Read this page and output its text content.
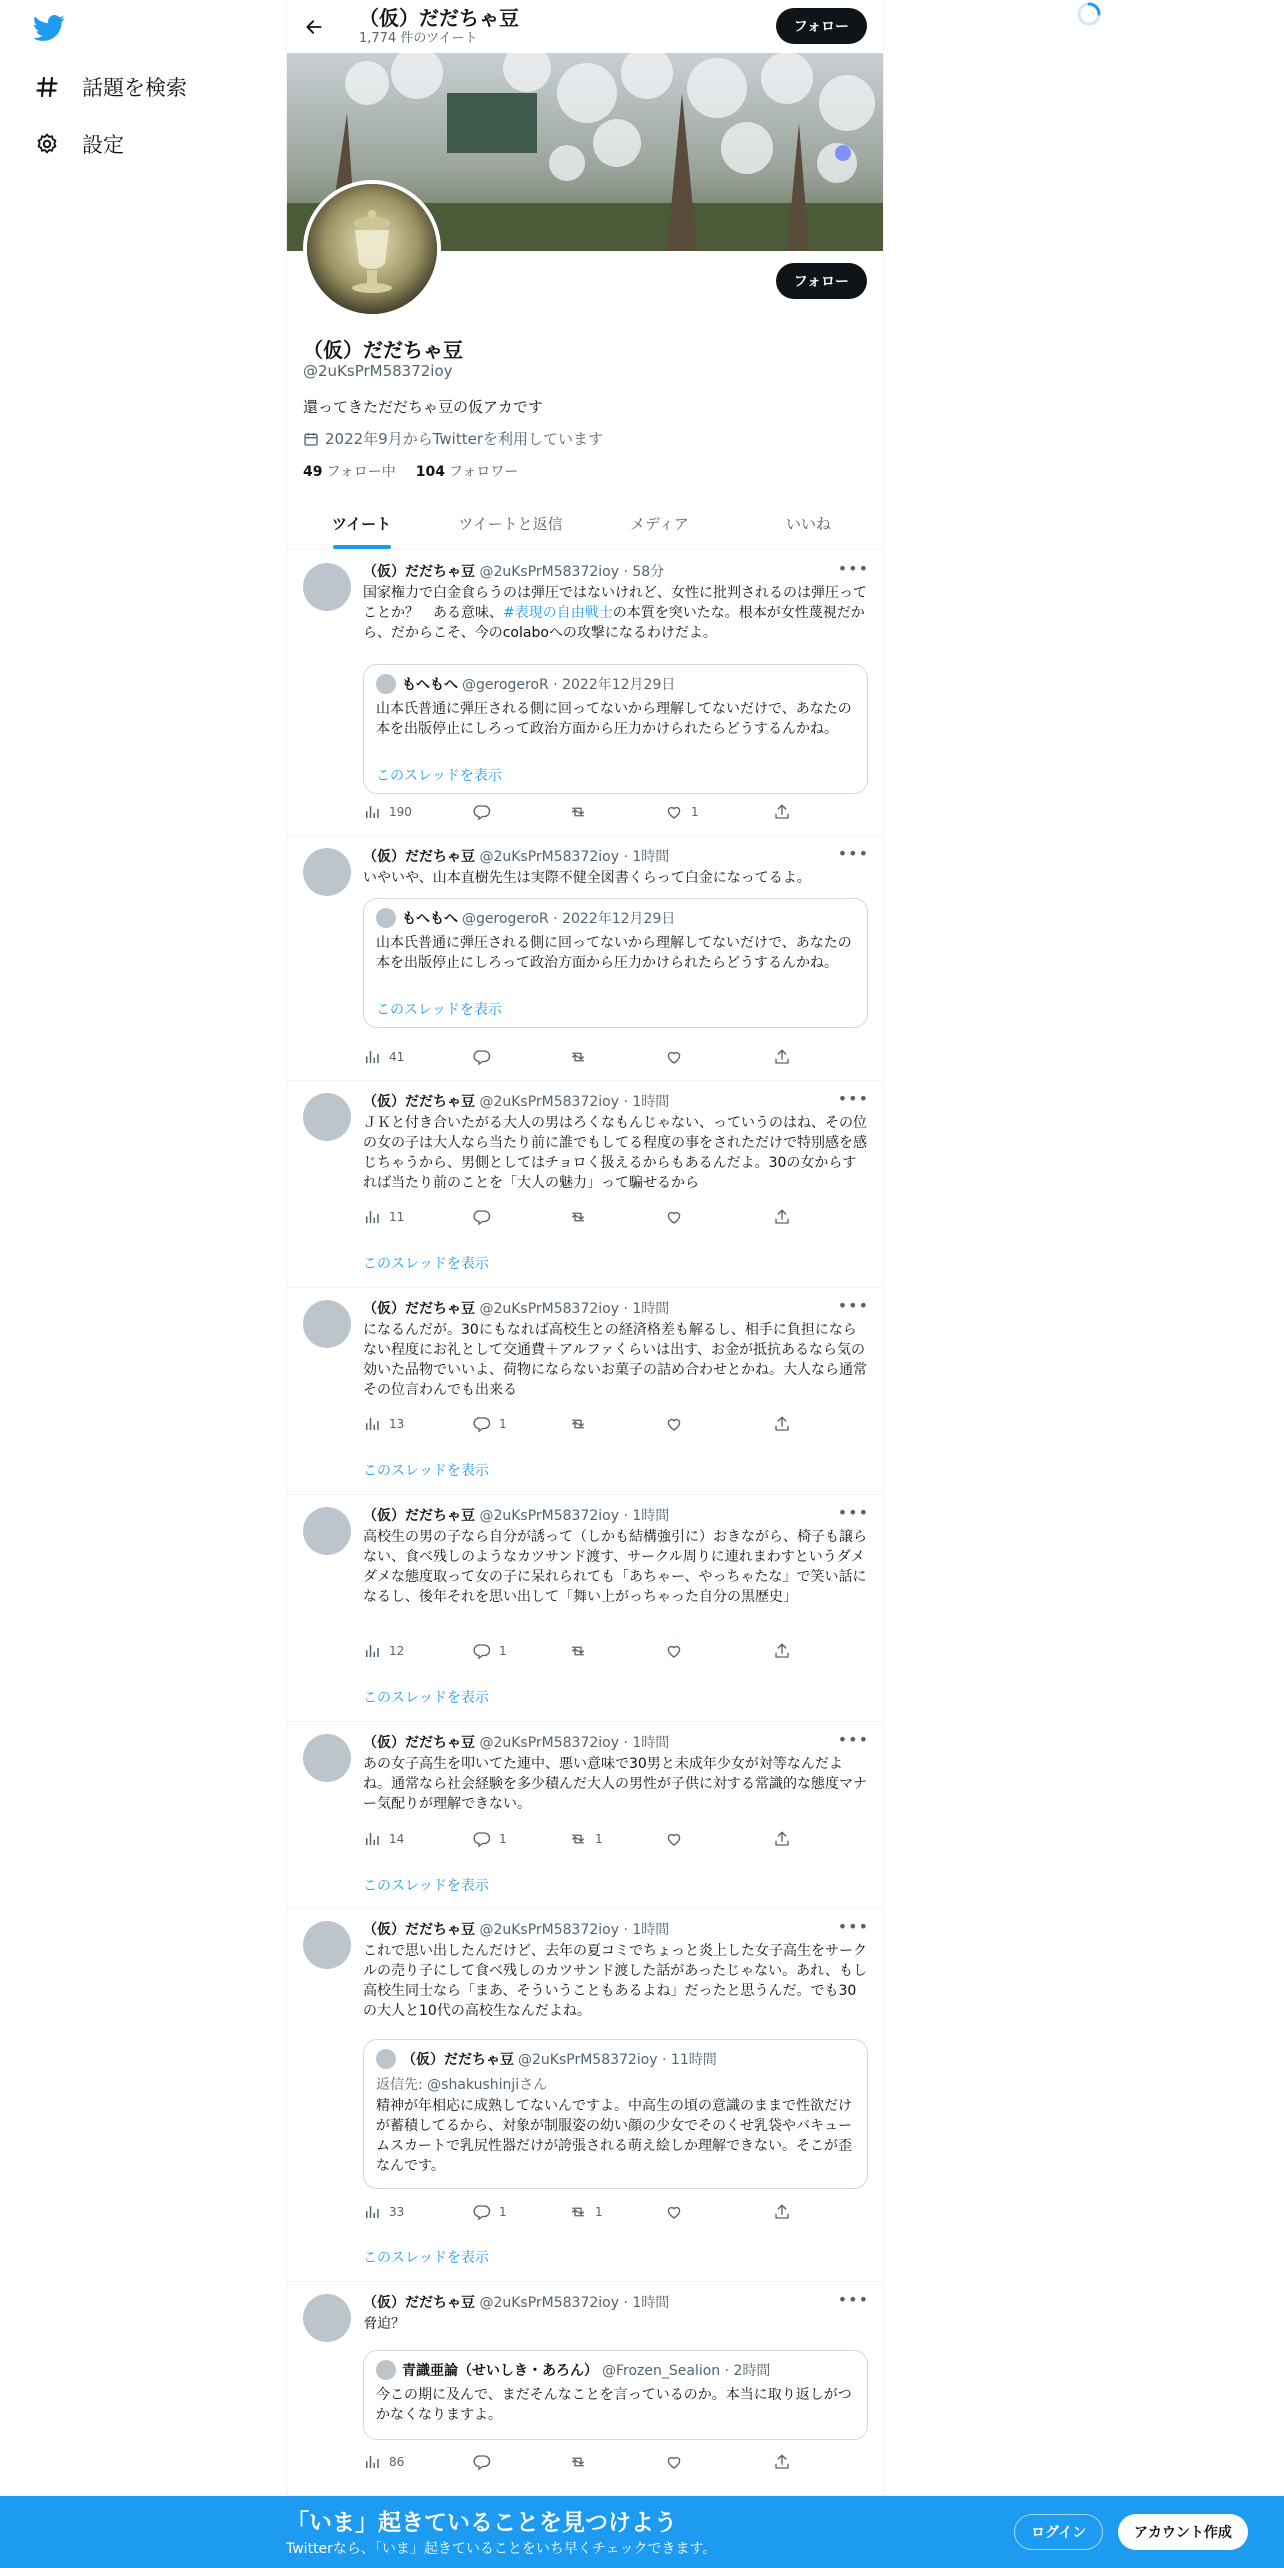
話題を検索
設定
（仮）だだちゃ豆
1,774 件のツイート
フォロー
フォロー
（仮）だだちゃ豆
@2uKsPrM58372ioy
還ってきただだちゃ豆の仮アカです
2022年9月からTwitterを利用しています
49 フォロー中 104 フォロワー
ツイート	ツイートと返信	メディア	いいね
（仮）だだちゃ豆 @2uKsPrM58372ioy · 58分	•••
国家権力で白金食らうのは弾圧ではないけれど、女性に批判されるのは弾圧ってことか？　ある意味、#表現の自由戦士の本質を突いたな。根本が女性蔑視だから、だからこそ、今のcolaboへの攻撃になるわけだよ。
もへもへ @gerogeroR · 2022年12月29日
山本氏普通に弾圧される側に回ってないから理解してないだけで、あなたの本を出版停止にしろって政治方面から圧力かけられたらどうするんかね。
このスレッドを表示
190	1
（仮）だだちゃ豆 @2uKsPrM58372ioy · 1時間	•••
いやいや、山本直樹先生は実際不健全図書くらって白金になってるよ。
もへもへ @gerogeroR · 2022年12月29日
山本氏普通に弾圧される側に回ってないから理解してないだけで、あなたの本を出版停止にしろって政治方面から圧力かけられたらどうするんかね。
このスレッドを表示
41
（仮）だだちゃ豆 @2uKsPrM58372ioy · 1時間	•••
ＪＫと付き合いたがる大人の男はろくなもんじゃない、っていうのはね、その位の女の子は大人なら当たり前に誰でもしてる程度の事をされただけで特別感を感じちゃうから、男側としてはチョロく扱えるからもあるんだよ。30の女からすれば当たり前のことを「大人の魅力」って騙せるから
11
このスレッドを表示
（仮）だだちゃ豆 @2uKsPrM58372ioy · 1時間	•••
になるんだが。30にもなれば高校生との経済格差も解るし、相手に負担にならない程度にお礼として交通費＋アルファくらいは出す、お金が抵抗あるなら気の効いた品物でいいよ、荷物にならないお菓子の詰め合わせとかね。大人なら通常その位言わんでも出来る
13	1
このスレッドを表示
（仮）だだちゃ豆 @2uKsPrM58372ioy · 1時間	•••
高校生の男の子なら自分が誘って（しかも結構強引に）おきながら、椅子も譲らない、食べ残しのようなカツサンド渡す、サークル周りに連れまわすというダメダメな態度取って女の子に呆れられても「あちゃー、やっちゃたな」で笑い話になるし、後年それを思い出して「舞い上がっちゃった自分の黒歴史」
12	1
このスレッドを表示
（仮）だだちゃ豆 @2uKsPrM58372ioy · 1時間	•••
あの女子高生を叩いてた連中、悪い意味で30男と未成年少女が対等なんだよね。通常なら社会経験を多少積んだ大人の男性が子供に対する常識的な態度マナー気配りが理解できない。
14	1	1
このスレッドを表示
（仮）だだちゃ豆 @2uKsPrM58372ioy · 1時間	•••
これで思い出したんだけど、去年の夏コミでちょっと炎上した女子高生をサークルの売り子にして食べ残しのカツサンド渡した話があったじゃない。あれ、もし高校生同士なら「まあ、そういうこともあるよね」だったと思うんだ。でも30の大人と10代の高校生なんだよね。
（仮）だだちゃ豆 @2uKsPrM58372ioy · 11時間
返信先: @shakushinjiさん
精神が年相応に成熟してないんですよ。中高生の頃の意識のままで性欲だけが蓄積してるから、対象が制服姿の幼い顔の少女でそのくせ乳袋やバキュームスカートで乳尻性器だけが誇張される萌え絵しか理解できない。そこが歪なんです。
33	1	1
このスレッドを表示
（仮）だだちゃ豆 @2uKsPrM58372ioy · 1時間	•••
脅迫？
青識亜論（せいしき・あろん） @Frozen_Sealion · 2時間
今この期に及んで、まだそんなことを言っているのか。本当に取り返しがつかなくなりますよ。
86
「いま」起きていることを見つけよう
Twitterなら、「いま」起きていることをいち早くチェックできます。
ログイン	アカウント作成
